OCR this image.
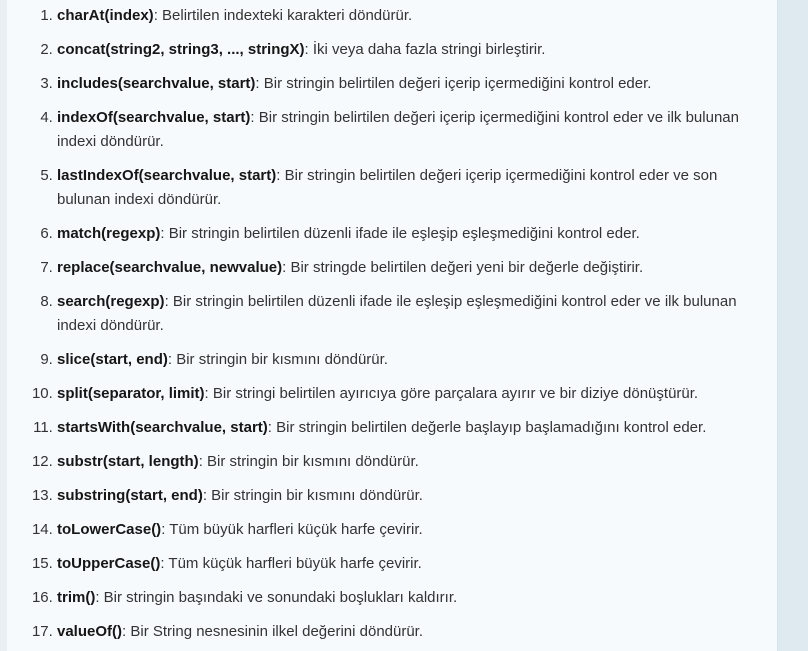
1. charAt(index): Belirtilen indexteki karakteri döndürür.
2. concat(string2, string3, ..., stringX): İki veya daha fazla stringi birleştirir.
3. includes(searchvalue, start): Bir stringin belirtilen değeri içerip içermediğini kontrol eder.
4. indexOf(searchvalue, start): Bir stringin belirtilen değeri içerip içermediğini kontrol eder ve ilk bulunan indexi döndürür.
5. lastIndexOf(searchvalue, start): Bir stringin belirtilen değeri içerip içermediğini kontrol eder ve son bulunan indexi döndürür.
6. match(regexp): Bir stringin belirtilen düzenli ifade ile eşleşip eşleşmediğini kontrol eder.
7. replace(searchvalue, newvalue): Bir stringde belirtilen değeri yeni bir değerle değiştirir.
8. search(regexp): Bir stringin belirtilen düzenli ifade ile eşleşip eşleşmediğini kontrol eder ve ilk bulunan indexi döndürür.
9. slice(start, end): Bir stringin bir kısmını döndürür.
10. split(separator, limit): Bir stringi belirtilen ayırıcıya göre parçalara ayırır ve bir diziye dönüştürür.
11. startsWith(searchvalue, start): Bir stringin belirtilen değerle başlayıp başlamadığını kontrol eder.
12. substr(start, length): Bir stringin bir kısmını döndürür.
13. substring(start, end): Bir stringin bir kısmını döndürür.
14. toLowerCase(): Tüm büyük harfleri küçük harfe çevirir.
15. toUpperCase(): Tüm küçük harfleri büyük harfe çevirir.
16. trim(): Bir stringin başındaki ve sonundaki boşlukları kaldırır.
17. valueOf(): Bir String nesnesinin ilkel değerini döndürür.
